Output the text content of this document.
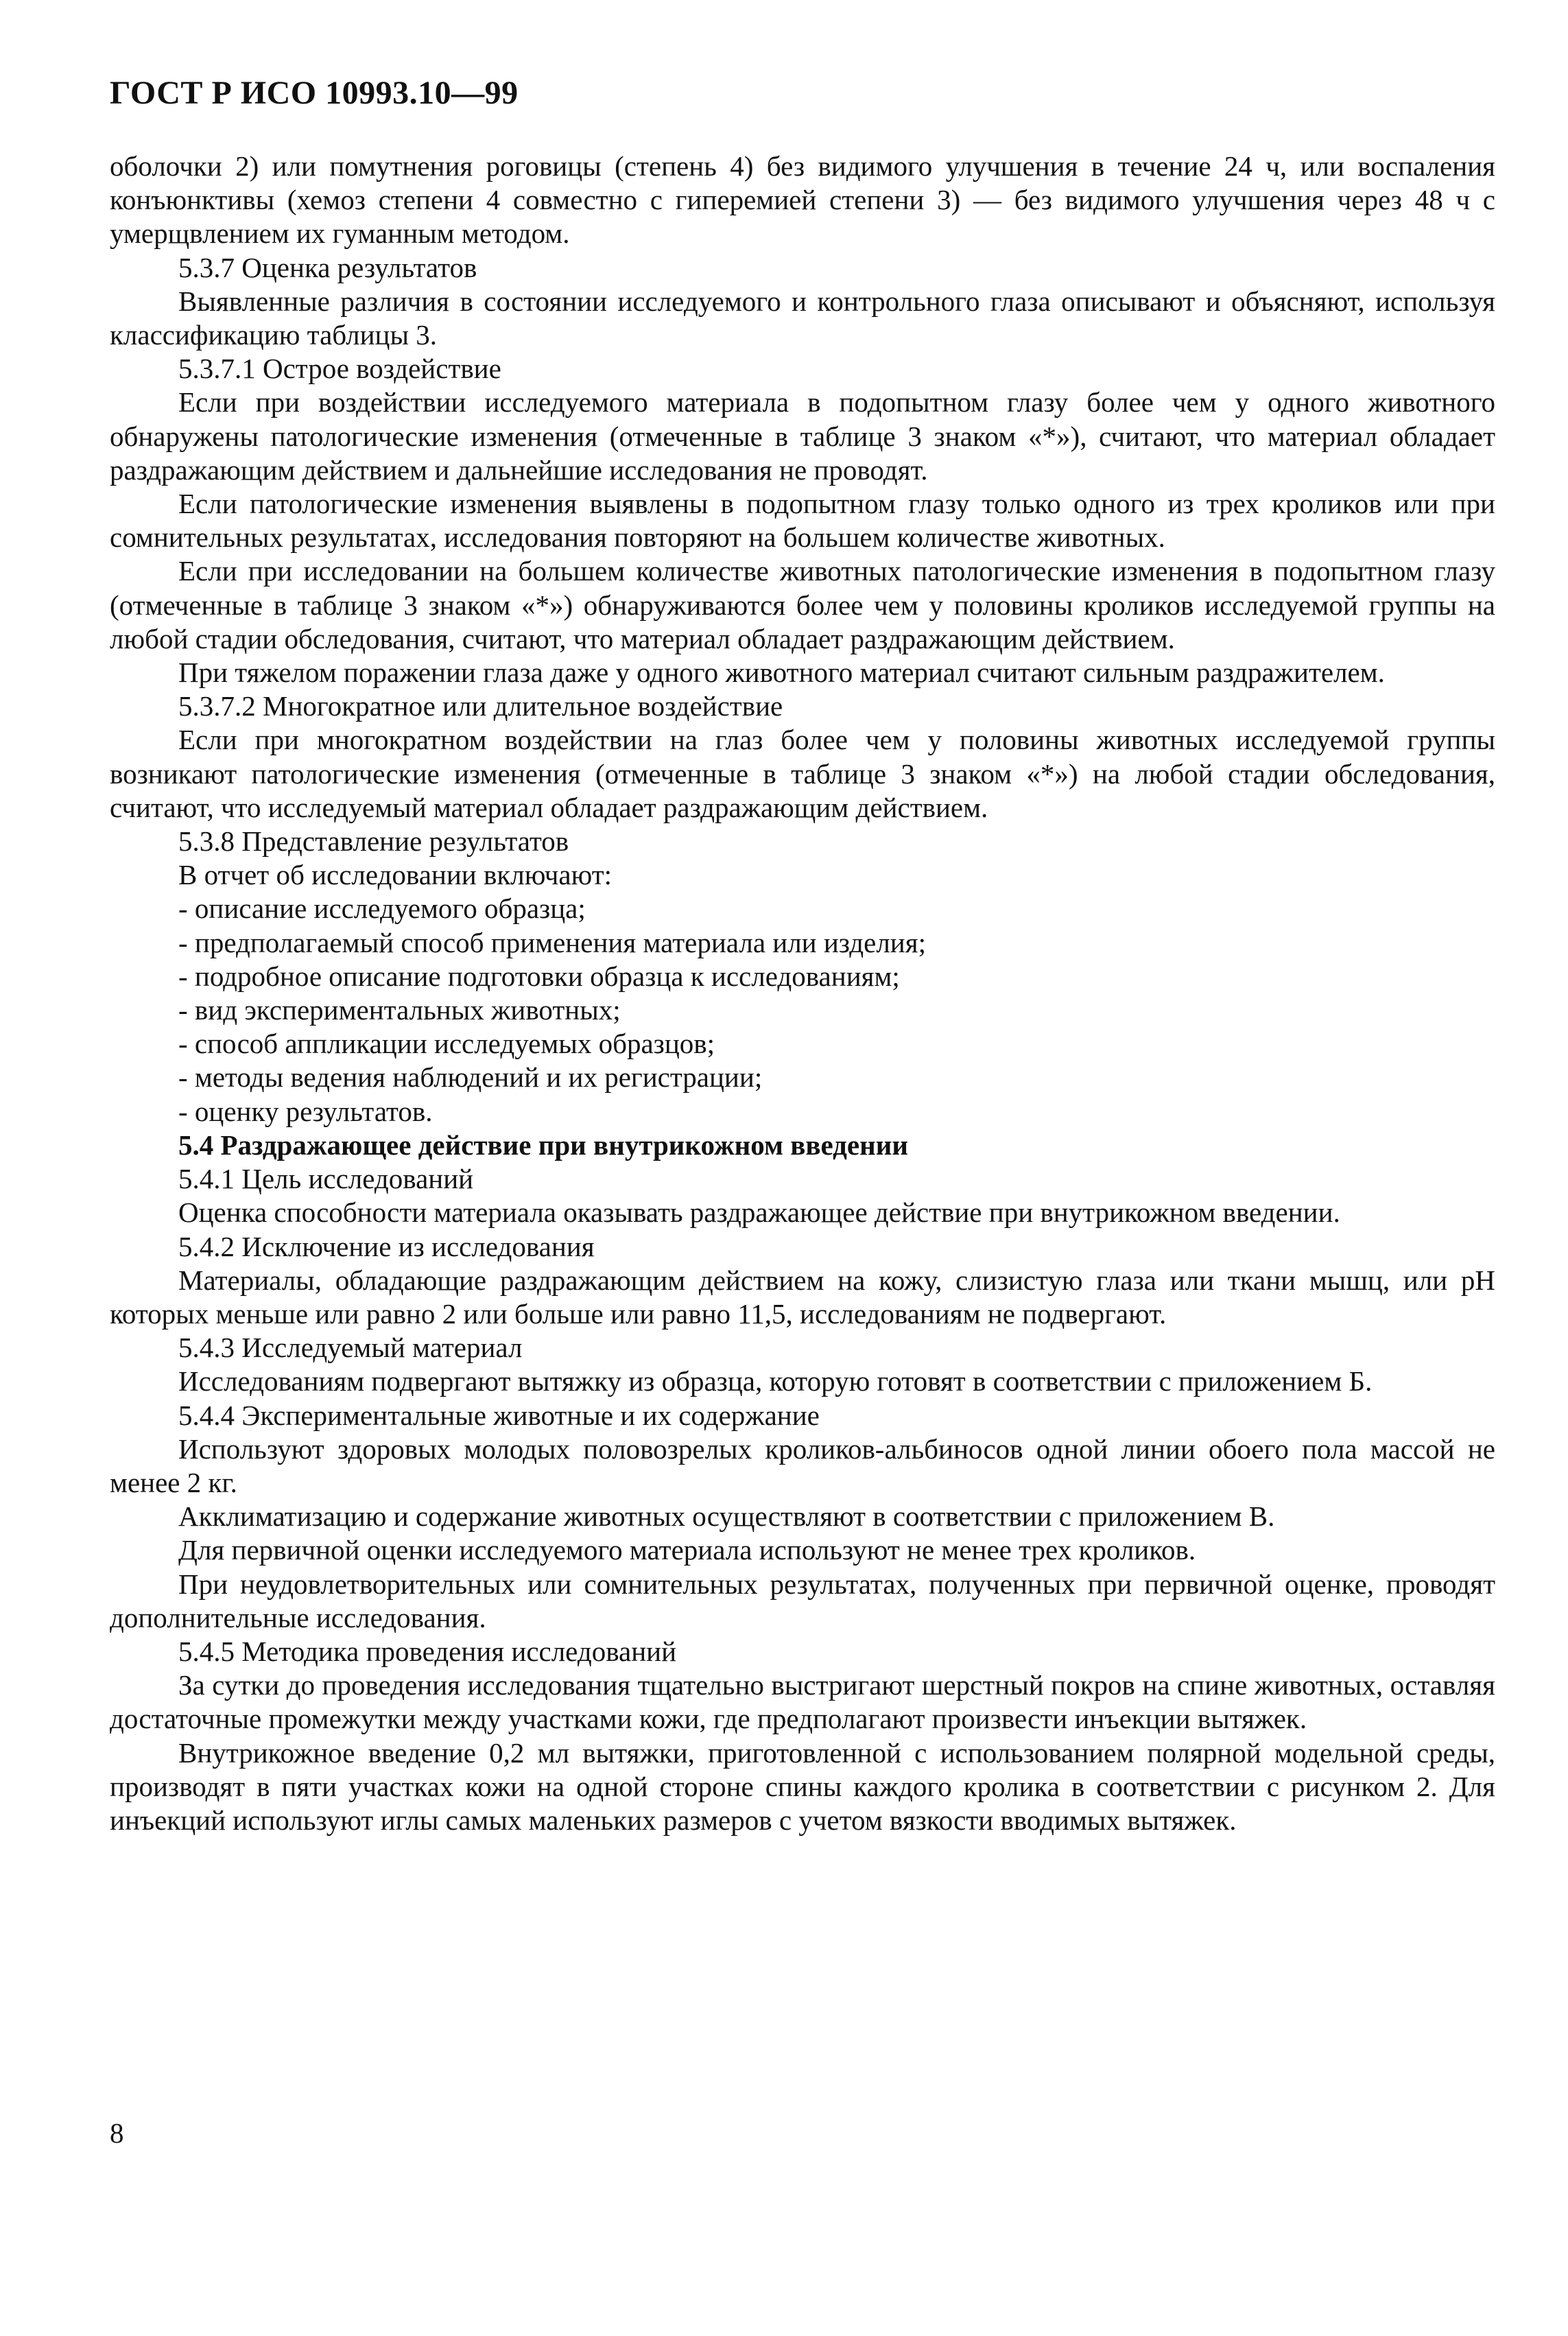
ГОСТ Р ИСО 10993.10—99

оболочки 2) или помутнения роговицы (степень 4) без видимого улучшения в течение 24 ч, или воспаления конъюнктивы (хемоз степени 4 совместно с гиперемией степени 3) — без видимого улучшения через 48 ч с умерщвлением их гуманным методом.

5.3.7 Оценка результатов

Выявленные различия в состоянии исследуемого и контрольного глаза описывают и объясняют, используя классификацию таблицы 3.

5.3.7.1 Острое воздействие

Если при воздействии исследуемого материала в подопытном глазу более чем у одного животного обнаружены патологические изменения (отмеченные в таблице 3 знаком «*»), считают, что материал обладает раздражающим действием и дальнейшие исследования не проводят.

Если патологические изменения выявлены в подопытном глазу только одного из трех кроликов или при сомнительных результатах, исследования повторяют на большем количестве животных.

Если при исследовании на большем количестве животных патологические изменения в подопытном глазу (отмеченные в таблице 3 знаком «*») обнаруживаются более чем у половины кроликов исследуемой группы на любой стадии обследования, считают, что материал обладает раздражающим действием.

При тяжелом поражении глаза даже у одного животного материал считают сильным раздражителем.

5.3.7.2 Многократное или длительное воздействие

Если при многократном воздействии на глаз более чем у половины животных исследуемой группы возникают патологические изменения (отмеченные в таблице 3 знаком «*») на любой стадии обследования, считают, что исследуемый материал обладает раздражающим действием.

5.3.8 Представление результатов

В отчет об исследовании включают:

- описание исследуемого образца;

- предполагаемый способ применения материала или изделия;

- подробное описание подготовки образца к исследованиям;

- вид экспериментальных животных;

- способ аппликации исследуемых образцов;

- методы ведения наблюдений и их регистрации;

- оценку результатов.

5.4 Раздражающее действие при внутрикожном введении

5.4.1 Цель исследований

Оценка способности материала оказывать раздражающее действие при внутрикожном введении.

5.4.2 Исключение из исследования

Материалы, обладающие раздражающим действием на кожу, слизистую глаза или ткани мышц, или pH которых меньше или равно 2 или больше или равно 11,5, исследованиям не подвергают.

5.4.3 Исследуемый материал

Исследованиям подвергают вытяжку из образца, которую готовят в соответствии с приложением Б.

5.4.4 Экспериментальные животные и их содержание

Используют здоровых молодых половозрелых кроликов-альбиносов одной линии обоего пола массой не менее 2 кг.

Акклиматизацию и содержание животных осуществляют в соответствии с приложением В.

Для первичной оценки исследуемого материала используют не менее трех кроликов.

При неудовлетворительных или сомнительных результатах, полученных при первичной оценке, проводят дополнительные исследования.

5.4.5 Методика проведения исследований

За сутки до проведения исследования тщательно выстригают шерстный покров на спине животных, оставляя достаточные промежутки между участками кожи, где предполагают произвести инъекции вытяжек.

Внутрикожное введение 0,2 мл вытяжки, приготовленной с использованием полярной модельной среды, производят в пяти участках кожи на одной стороне спины каждого кролика в соответствии с рисунком 2. Для инъекций используют иглы самых маленьких размеров с учетом вязкости вводимых вытяжек.

8
